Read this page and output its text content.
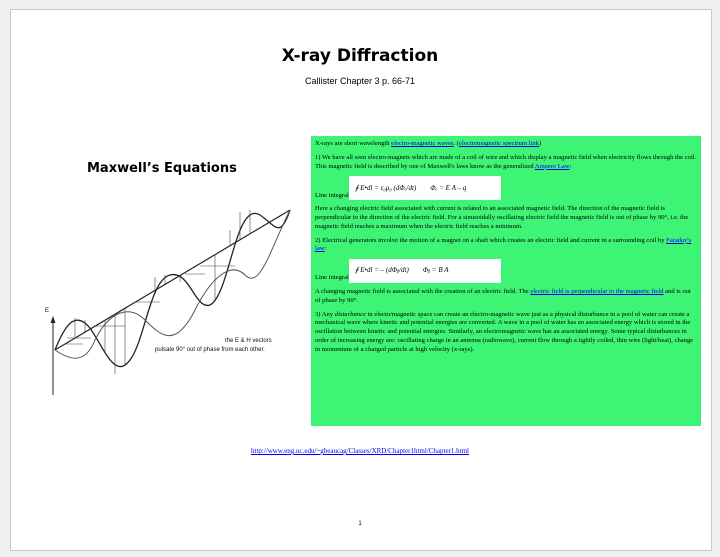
X-ray Diffraction
Callister Chapter 3 p. 66-71
Maxwell’s Equations
E
the E & H vectors
pulsate 90° out of phase from each other.

X-rays are short wavelength electro-magnetic waves. (electromagnetic spectrum link)

1) We have all seen electro-magnets which are made of a coil of wire and which display a magnetic field when electricity flows through the coil. This magnetic field is described by one of Maxwell's laws know as the generalized Ampere Law:

Line integral
∮ E•dl = ε₀μ₀ (dΦₑ/dt) Φₑ = E A – q

Here a changing electric field associated with current is related to an associated magnetic field. The direction of the magnetic field is perpendicular to the direction of the electric field. For a sinusoidally oscillating electric field the magnetic field is out of phase by 90°, i.e. the magnetic field reaches a maximum when the electric field reaches a minimum.

2) Electrical generators involve the motion of a magnet on a shaft which creates an electric field and current in a surrounding coil by Faraday's law:

Line integral
∮ E•dl = – (dΦᵦ/dt) Φᵦ = B A

A changing magnetic field is associated with the creation of an electric field. The electric field is perpendicular to the magnetic field and is out of phase by 90°.

3) Any disturbance in electo/magnetic space can create an electro-magnetic wave just as a physical disturbance in a pool of water can create a mechanical wave where kinetic and potential energies are converted. A wave in a pool of water has an associated energy which is stored in the oscillation between kinetic and potential energies. Similarly, an electromagnetic wave has an associated energy. Some typical disturbances in order of increasing energy are: oscillating charge in an antenna (radiowave), current flow through a tightly coiled, thin wire (light/heat), change in momentum of a charged particle at high velocity (x-rays).

http://www.eng.uc.edu/~gbeaucag/Classes/XRD/Chapter1html/Chapter1.html
1
